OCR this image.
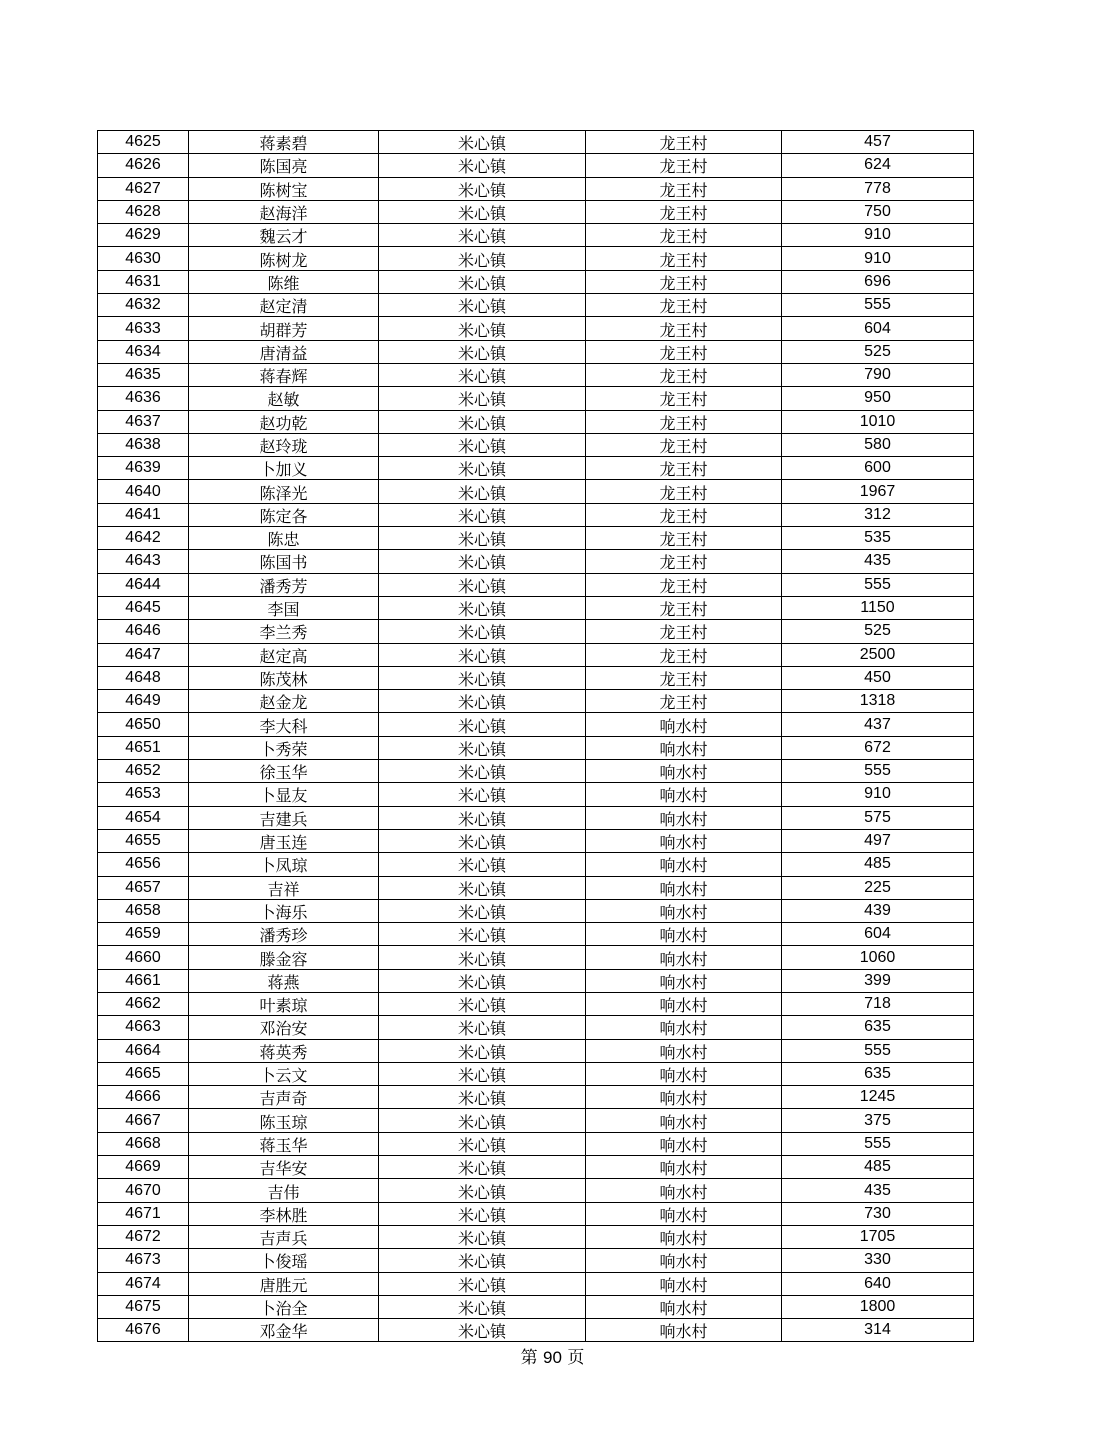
4625	蒋素碧	米心镇	龙王村	457
4626	陈国亮	米心镇	龙王村	624
4627	陈树宝	米心镇	龙王村	778
4628	赵海洋	米心镇	龙王村	750
4629	魏云才	米心镇	龙王村	910
4630	陈树龙	米心镇	龙王村	910
4631	陈维	米心镇	龙王村	696
4632	赵定清	米心镇	龙王村	555
4633	胡群芳	米心镇	龙王村	604
4634	唐清益	米心镇	龙王村	525
4635	蒋春辉	米心镇	龙王村	790
4636	赵敏	米心镇	龙王村	950
4637	赵功乾	米心镇	龙王村	1010
4638	赵玲珑	米心镇	龙王村	580
4639	卜加义	米心镇	龙王村	600
4640	陈泽光	米心镇	龙王村	1967
4641	陈定各	米心镇	龙王村	312
4642	陈忠	米心镇	龙王村	535
4643	陈国书	米心镇	龙王村	435
4644	潘秀芳	米心镇	龙王村	555
4645	李国	米心镇	龙王村	1150
4646	李兰秀	米心镇	龙王村	525
4647	赵定高	米心镇	龙王村	2500
4648	陈茂林	米心镇	龙王村	450
4649	赵金龙	米心镇	龙王村	1318
4650	李大科	米心镇	响水村	437
4651	卜秀荣	米心镇	响水村	672
4652	徐玉华	米心镇	响水村	555
4653	卜显友	米心镇	响水村	910
4654	吉建兵	米心镇	响水村	575
4655	唐玉连	米心镇	响水村	497
4656	卜凤琼	米心镇	响水村	485
4657	吉祥	米心镇	响水村	225
4658	卜海乐	米心镇	响水村	439
4659	潘秀珍	米心镇	响水村	604
4660	滕金容	米心镇	响水村	1060
4661	蒋燕	米心镇	响水村	399
4662	叶素琼	米心镇	响水村	718
4663	邓治安	米心镇	响水村	635
4664	蒋英秀	米心镇	响水村	555
4665	卜云文	米心镇	响水村	635
4666	吉声奇	米心镇	响水村	1245
4667	陈玉琼	米心镇	响水村	375
4668	蒋玉华	米心镇	响水村	555
4669	吉华安	米心镇	响水村	485
4670	吉伟	米心镇	响水村	435
4671	李林胜	米心镇	响水村	730
4672	吉声兵	米心镇	响水村	1705
4673	卜俊瑶	米心镇	响水村	330
4674	唐胜元	米心镇	响水村	640
4675	卜治全	米心镇	响水村	1800
4676	邓金华	米心镇	响水村	314
第 90 页
